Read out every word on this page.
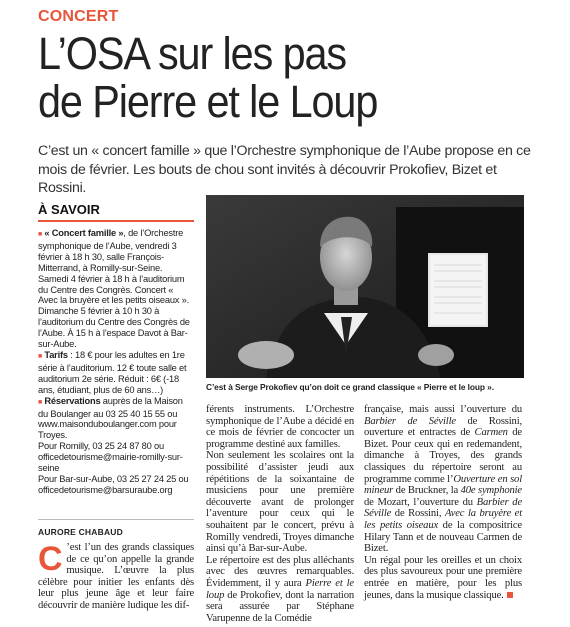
CONCERT
L’OSA sur les pas
de Pierre et le Loup
C’est un « concert famille » que l’Orchestre symphonique de l’Aube propose en ce mois de février. Les bouts de chou sont invités à découvrir Prokofiev, Bizet et Rossini.
À SAVOIR

■ « Concert famille », de l’Orchestre symphonique de l’Aube, vendredi 3 février à 18 h 30, salle François-Mitterrand, à Romilly-sur-Seine. Samedi 4 février à 18 h à l’auditorium du Centre des Congrès. Concert « Avec la bruyère et les petits oiseaux ». Dimanche 5 février à 10 h 30 à l’auditorium du Centre des Congrès de l’Aube. À 15 h à l’espace Davot à Bar-sur-Aube.

■ Tarifs : 18 € pour les adultes en 1re série à l’auditorium. 12 € toute salle et auditorium 2e série. Réduit : 6€ (-18 ans, étudiant, plus de 60 ans…)

■ Réservations auprès de la Maison du Boulanger au 03 25 40 15 55 ou www.maisonduboulanger.com pour Troyes.

Pour Romilly, 03 25 24 87 80 ou officedetourisme@mairie-romilly-sur-seine

Pour Bar-sur-Aube, 03 25 27 24 25 ou officedetourisme@barsuraube.org

AURORE CHABAUD
C’est à Serge Prokofiev qu’on doit ce grand classique « Pierre et le loup ».
C ’est l’un des grands classiques de ce qu’on appelle la grande musique. L’œuvre la plus célèbre pour initier les enfants dès leur plus jeune âge et leur faire découvrir de manière ludique les dif-

férents instruments. L’Orchestre symphonique de l’Aube a décidé en ce mois de février de concocter un programme destiné aux familles.

Non seulement les scolaires ont la possibilité d’assister jeudi aux répétitions de la soixantaine de musiciens pour une première découverte avant de prolonger l’aventure pour ceux qui le souhaitent par le concert, prévu à Romilly vendredi, Troyes dimanche ainsi qu’à Bar-sur-Aube.

Le répertoire est des plus alléchants avec des œuvres remarquables. Évidemment, il y aura Pierre et le loup de Prokofiev, dont la narration sera assurée par Stéphane Varupenne de la Comédie

française, mais aussi l’ouverture du Barbier de Séville de Rossini, ouverture et entractes de Carmen de Bizet. Pour ceux qui en redemandent, dimanche à Troyes, des grands classiques du répertoire seront au programme comme l’Ouverture en sol mineur de Bruckner, la 40e symphonie de Mozart, l’ouverture du Barbier de Séville de Rossini, Avec la bruyère et les petits oiseaux de la compositrice Hilary Tann et de nouveau Carmen de Bizet.

Un régal pour les oreilles et un choix des plus savoureux pour une première entrée en matière, pour les plus jeunes, dans la musique classique.
